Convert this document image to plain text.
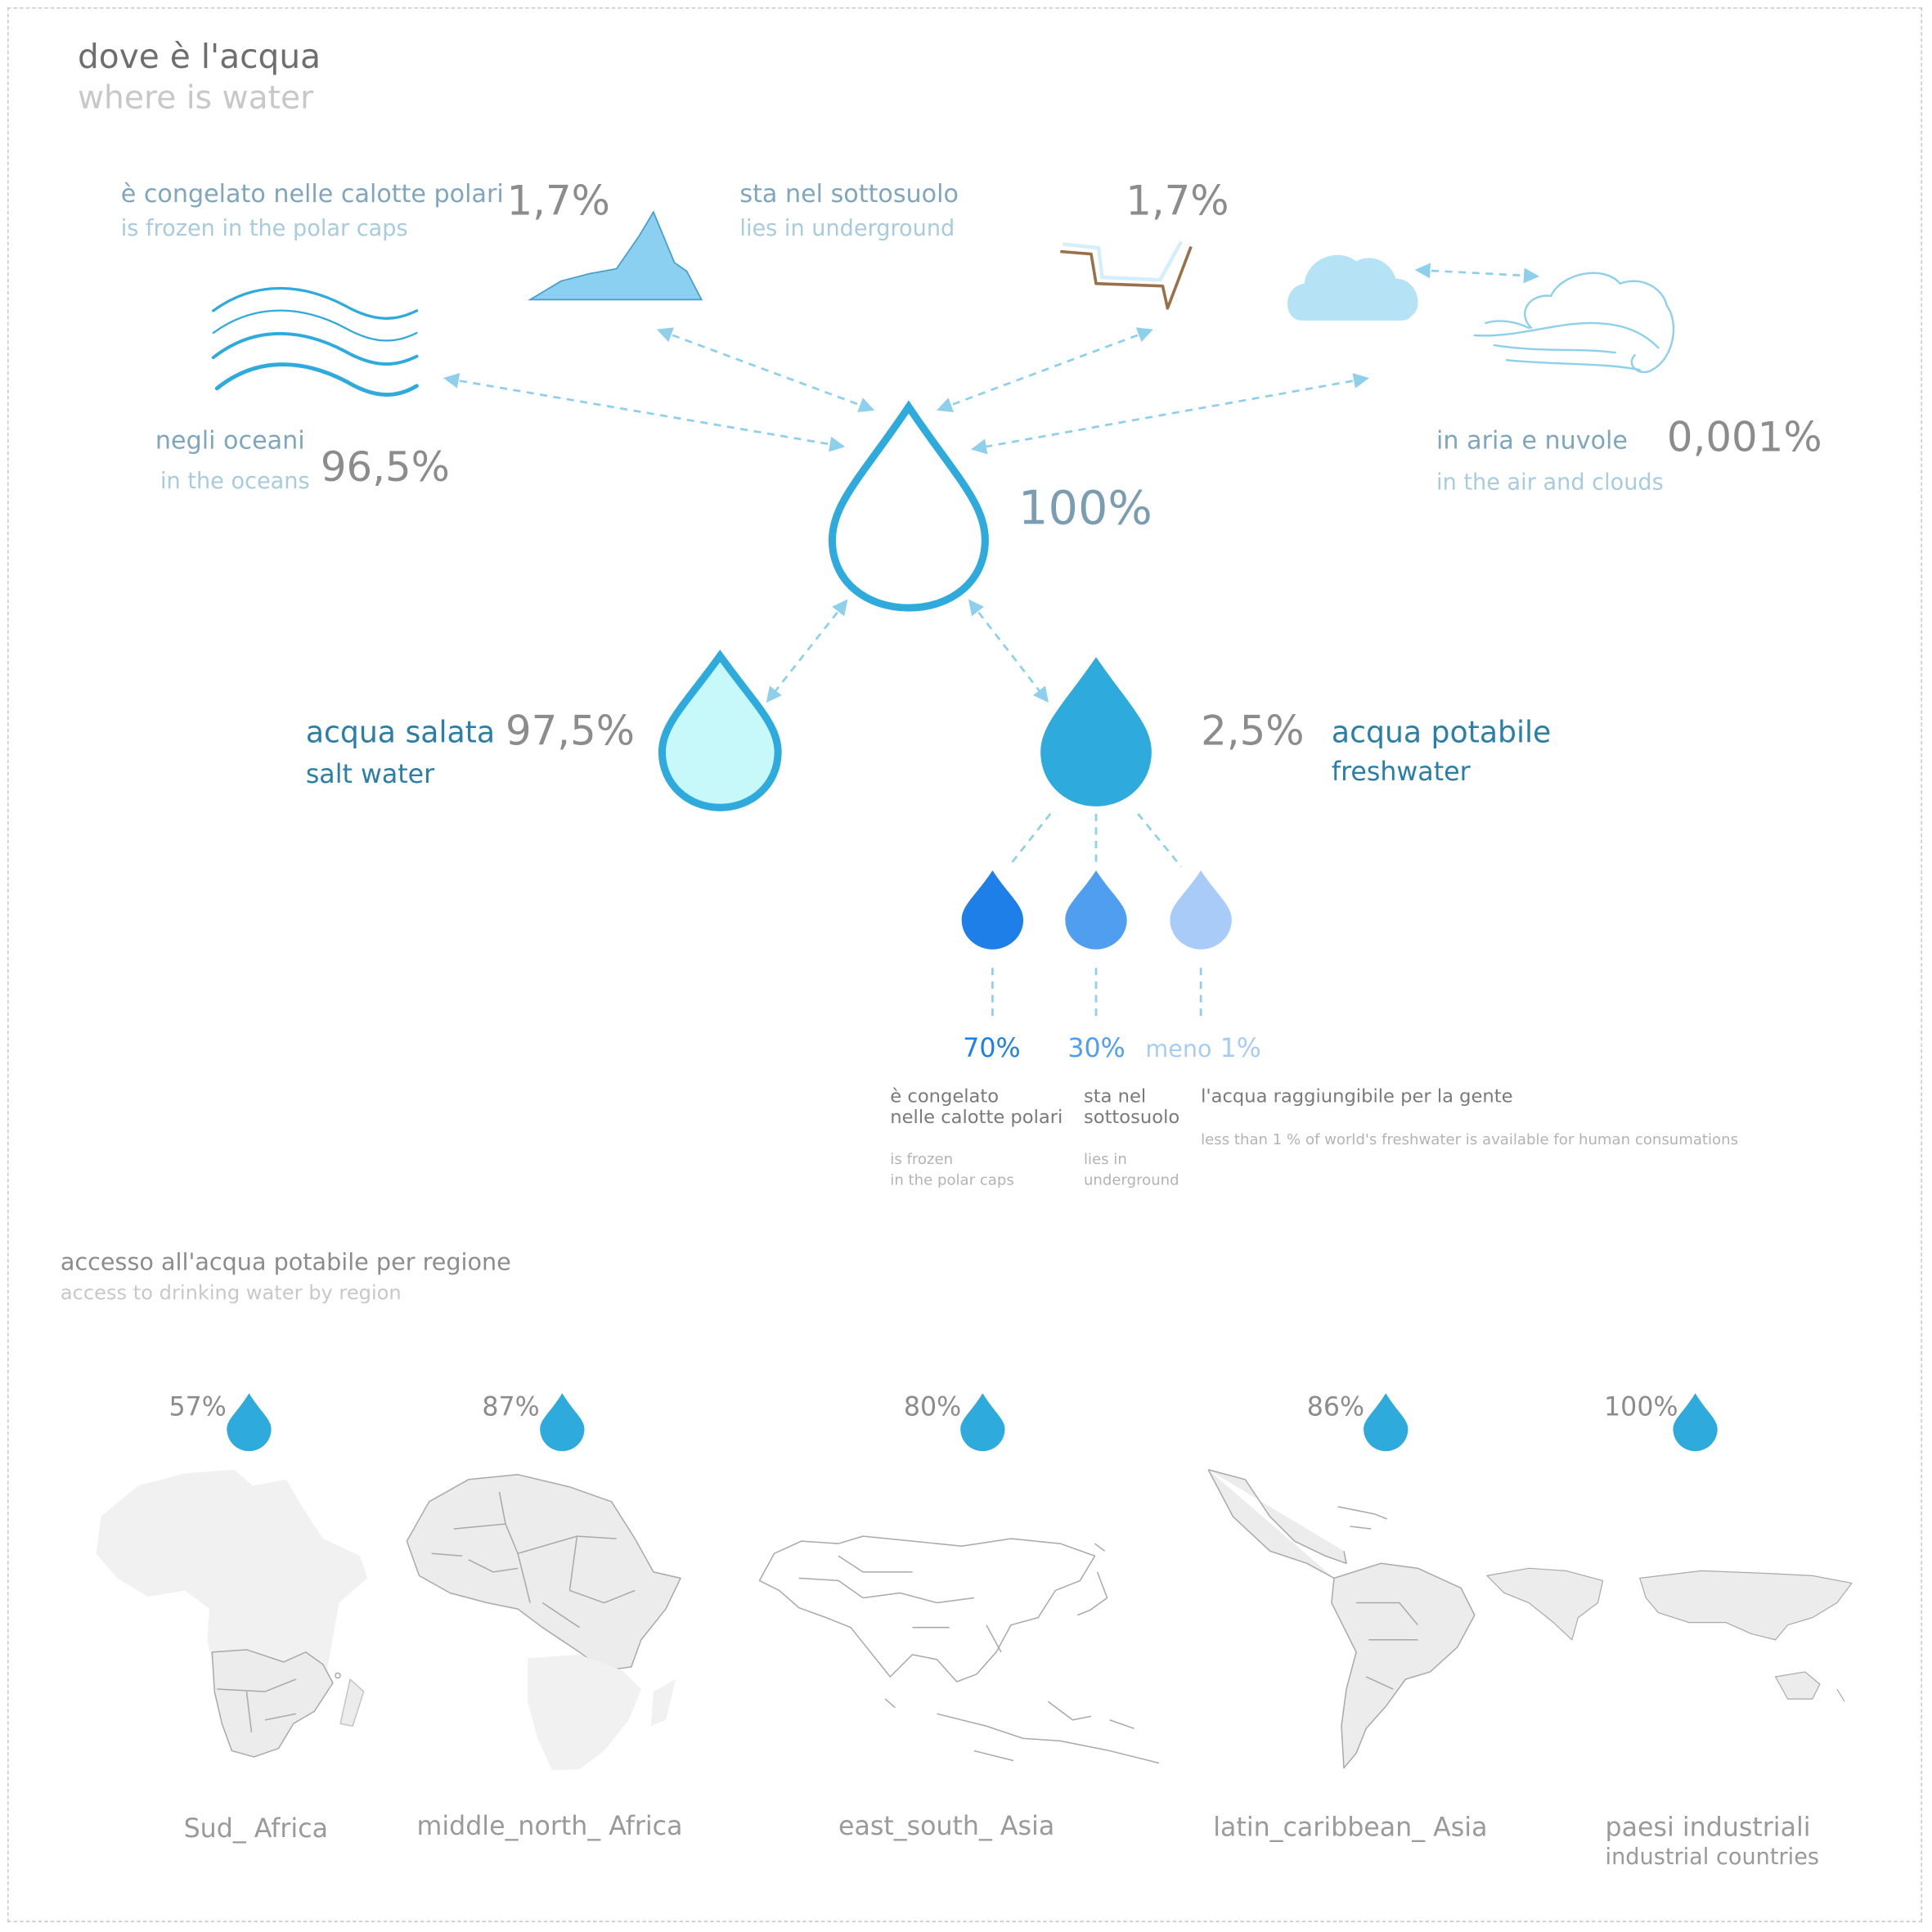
dove è l'acqua
where is water
è congelato nelle calotte polari
is frozen in the polar caps
1,7%	sta nel sottosuolo
lies in underground
1,7%
negli oceani
in the oceans 96,5%
in aria e nuvole
in the air and clouds
0,001%
100%
acqua salata
salt water
97,5%	2,5% acqua potabile
freshwater
70%	30% meno 1%
è congelato
nelle calotte polari
is frozen
in the polar caps
sta nel
sottosuolo
lies in
underground
l'acqua raggiungibile per la gente
less than 1 % of world's freshwater is available for human consumations
accesso all'acqua potabile per regione
access to drinking water by region
57%	87%	80%	86%	100%
Sud_ Africa	middle_north_ Africa	east_south_ Asia	latin_caribbean_ Asia	paesi industriali
industrial countries
